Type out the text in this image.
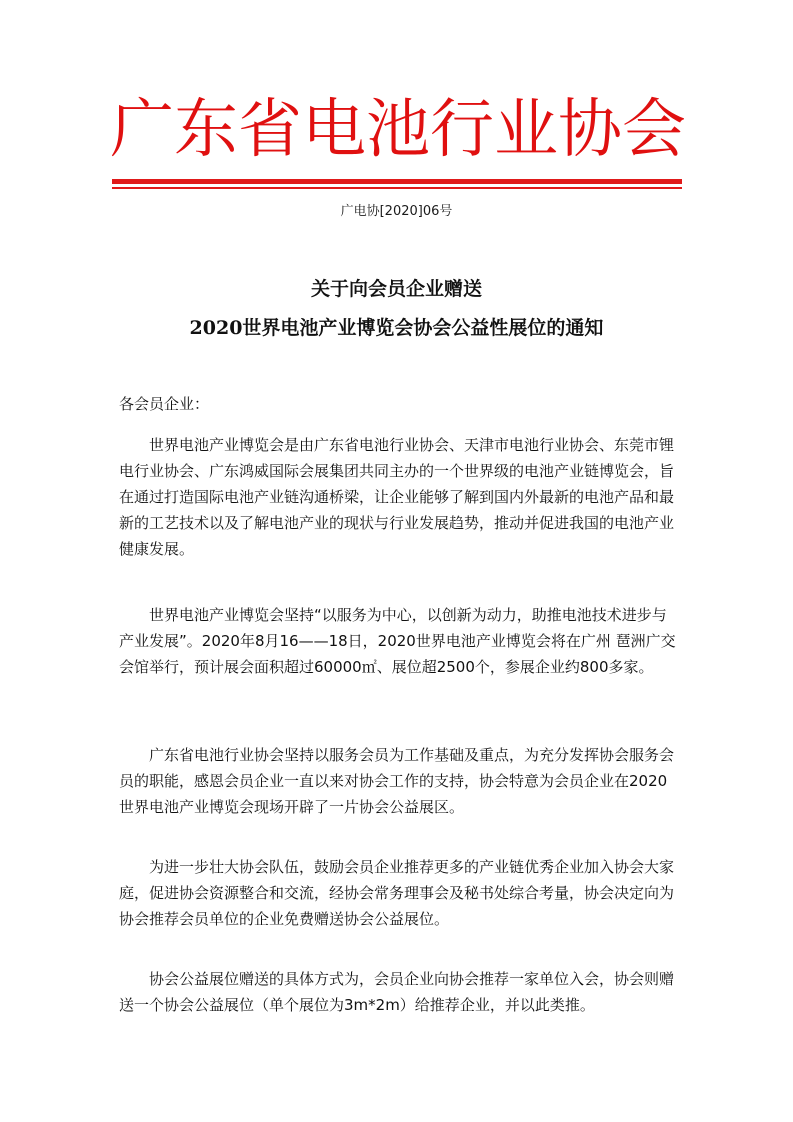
广东省电池行业协会
广电协[2020]06号
关于向会员企业赠送
2020世界电池产业博览会协会公益性展位的通知
各会员企业：

世界电池产业博览会是由广东省电池行业协会、天津市电池行业协会、东莞市锂电行业协会、广东鸿威国际会展集团共同主办的一个世界级的电池产业链博览会，旨在通过打造国际电池产业链沟通桥梁，让企业能够了解到国内外最新的电池产品和最新的工艺技术以及了解电池产业的现状与行业发展趋势，推动并促进我国的电池产业健康发展。

世界电池产业博览会坚持“以服务为中心，以创新为动力，助推电池技术进步与产业发展”。2020年8月16——18日，2020世界电池产业博览会将在广州 琶洲广交会馆举行，预计展会面积超过60000㎡、展位超2500个，参展企业约800多家。

广东省电池行业协会坚持以服务会员为工作基础及重点，为充分发挥协会服务会员的职能，感恩会员企业一直以来对协会工作的支持，协会特意为会员企业在2020世界电池产业博览会现场开辟了一片协会公益展区。

为进一步壮大协会队伍，鼓励会员企业推荐更多的产业链优秀企业加入协会大家庭，促进协会资源整合和交流，经协会常务理事会及秘书处综合考量，协会决定向为协会推荐会员单位的企业免费赠送协会公益展位。

协会公益展位赠送的具体方式为，会员企业向协会推荐一家单位入会，协会则赠送一个协会公益展位（单个展位为3m*2m）给推荐企业，并以此类推。
